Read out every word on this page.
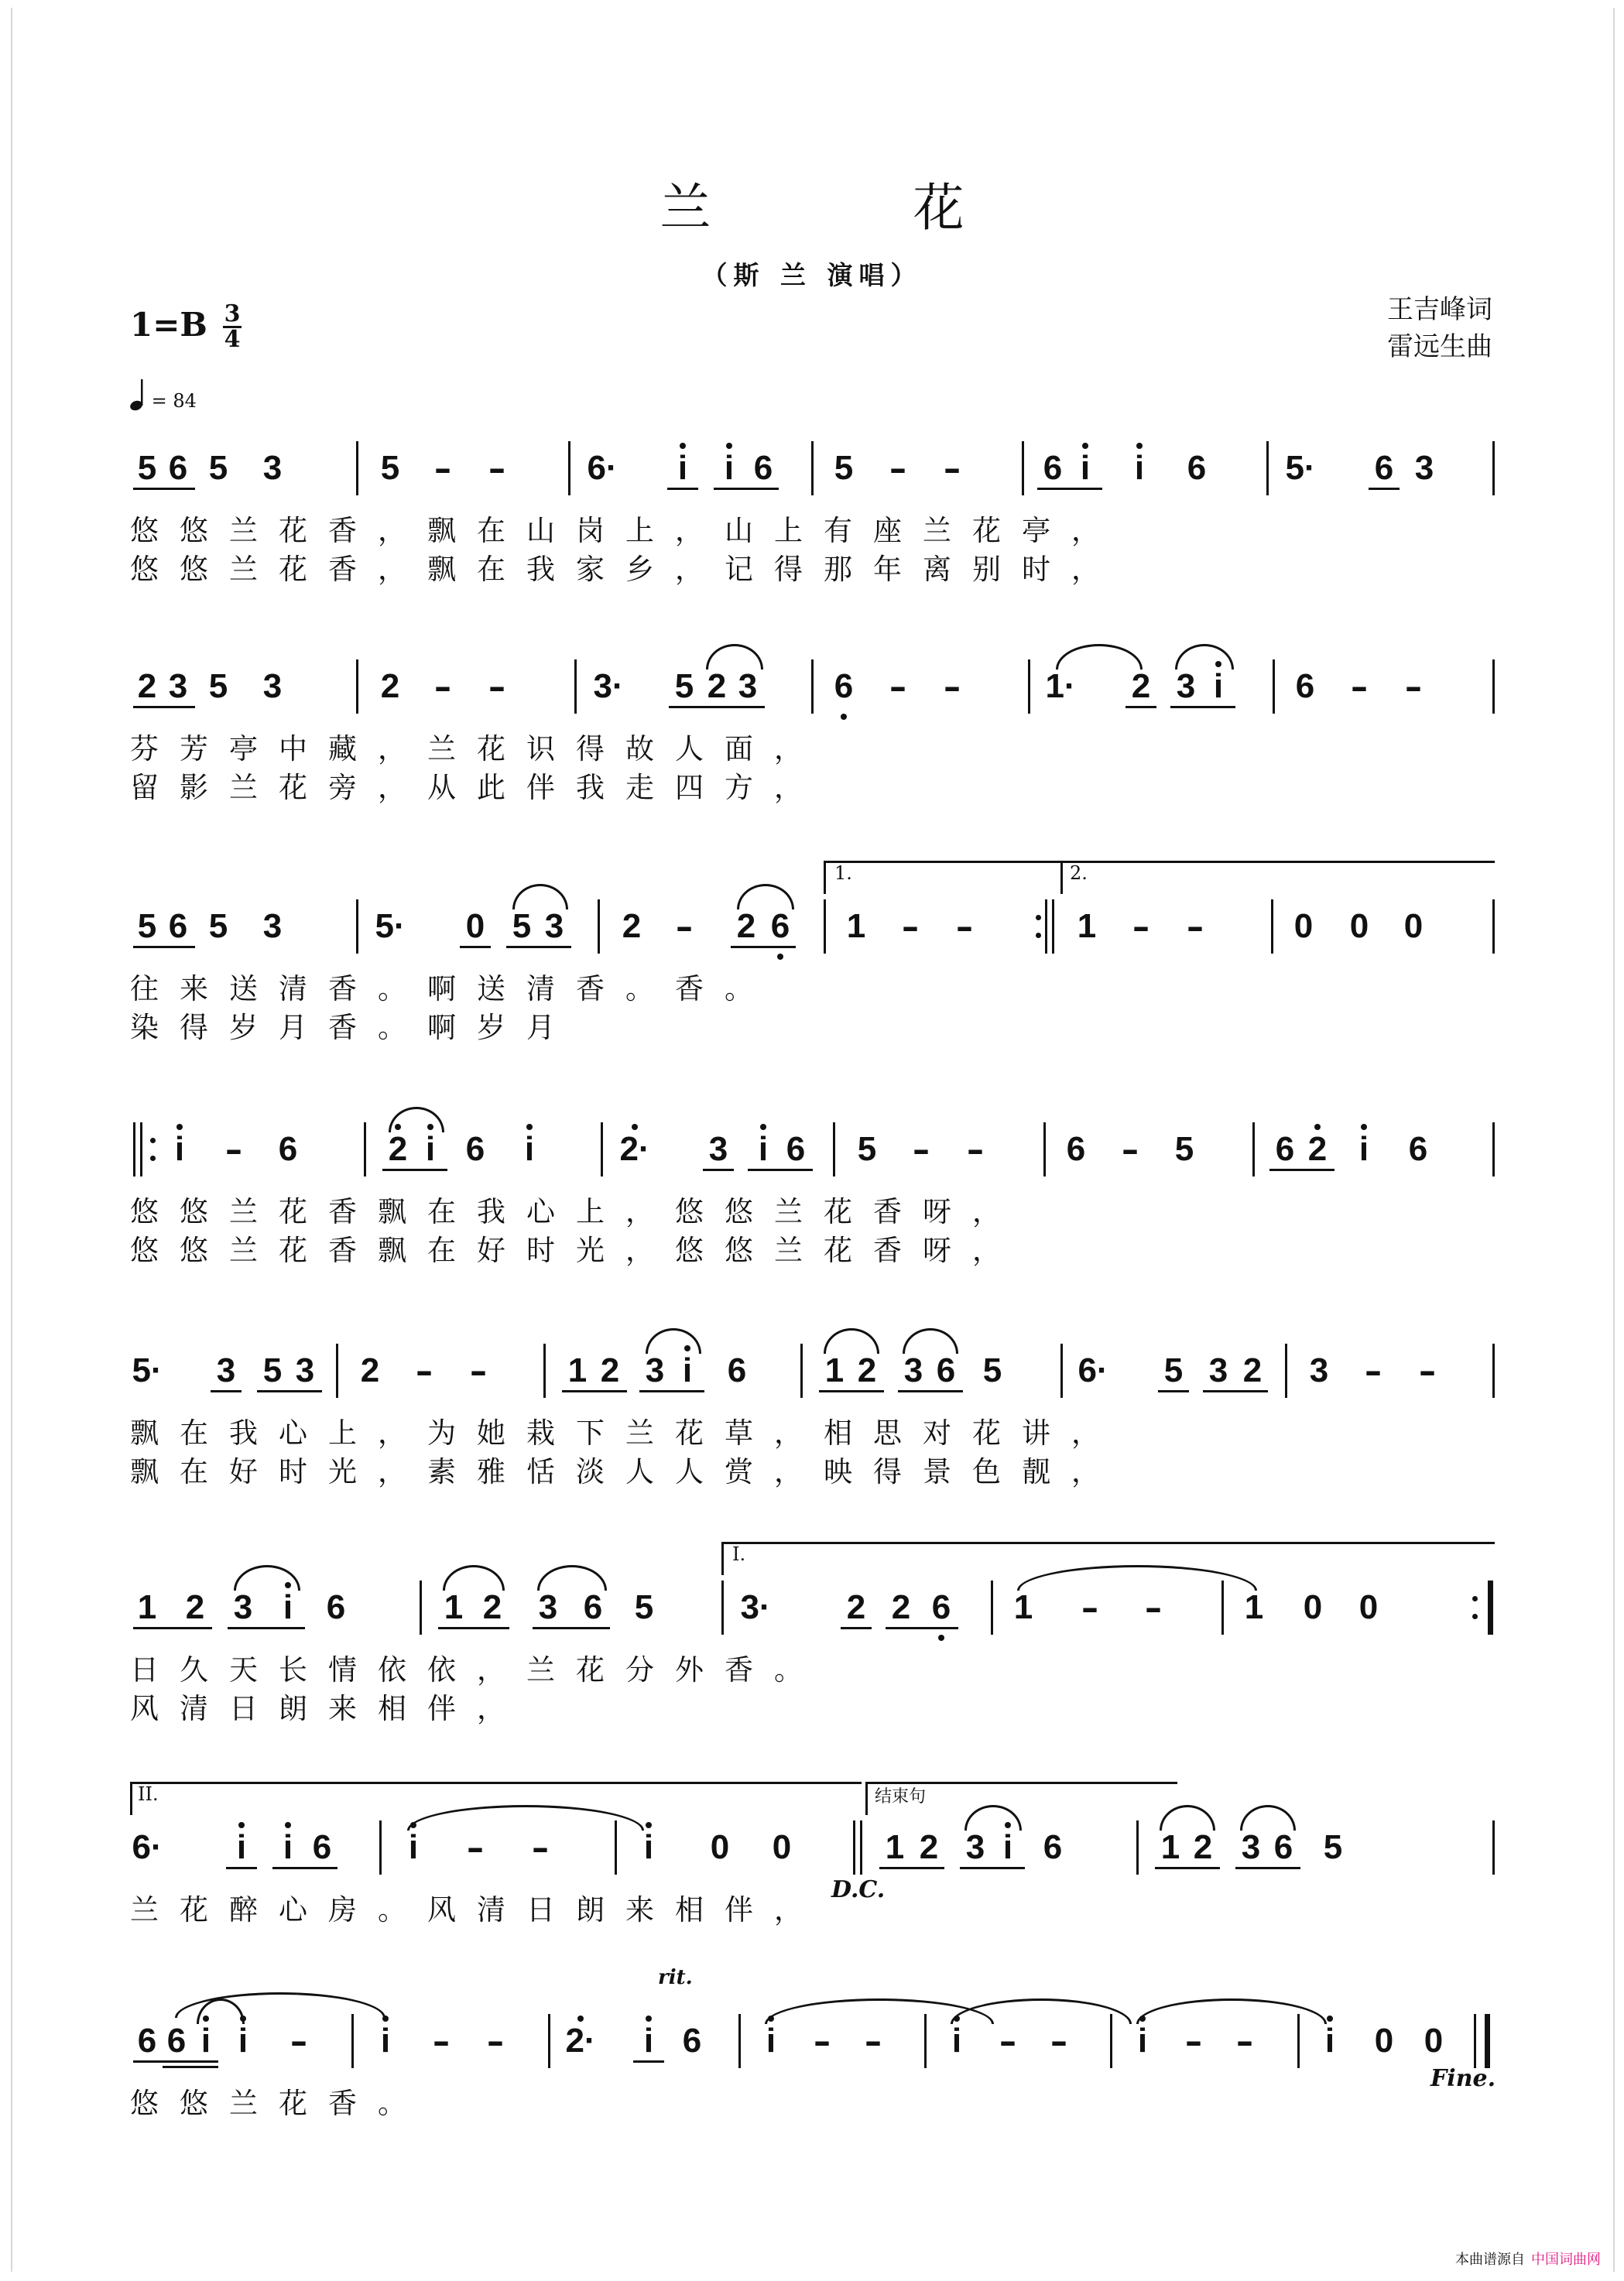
兰 花
（斯 兰 演唱）
王吉峰词
雷远生曲
1=B 3
4
= 84
5 6 5 3	5 – – 6·	i	i 6 5 – – 6 i	i	6 5· 6 3
悠 悠 兰 花 香 ， 飘 在 山 岗 上 ， 山 上 有 座 兰 花 亭 ，
悠 悠 兰 花 香 ， 飘 在 我 家 乡 ， 记 得 那 年 离 别 时 ，
2 3 5 3	2 – –	3· 5 2 3 6 – – 1· 2 3 i	6 – –
芬 芳 亭 中 藏 ， 兰 花 识 得 故 人 面 ，
留 影 兰 花 旁 ， 从 此 伴 我 走 四 方 ，
5 6 5 3	5· 0 5 3 2 – 2 6
1.
1 – –
2.
1 – –	0 0 0
往 来 送 清 香 。 啊 送 清 香 。 香 。
染 得 岁 月 香 。 啊 岁 月
i	– 6	2 i 6	i	2· 3 i 6 5 – – 6 – 5 6 2 i	6
悠 悠 兰 花 香 飘 在 我 心 上 ， 悠 悠 兰 花 香 呀 ，
悠 悠 兰 花 香 飘 在 好 时 光 ， 悠 悠 兰 花 香 呀 ，
5· 3 5 3 2 – – 1 2 3 i	6 1 2 3 6 5 6· 5 3 2 3 – –
飘 在 我 心 上 ， 为 她 栽 下 兰 花 草 ， 相 思 对 花 讲 ，
飘 在 好 时 光 ， 素 雅 恬 淡 人 人 赏 ， 映 得 景 色 靓 ，
1 2 3 i 6	1 2 3 6 5
I.
3· 2 2 6 1 – – 1 0 0
日 久 天 长 情 依 依 ， 兰 花 分 外 香 。
风 清 日 朗 来 相 伴 ，
II.
6·	i	i 6	i	– –	i	0 0
结束句
1 2 3 i 6	1 2 3 6 5
D.C.
兰 花 醉 心 房 。 风 清 日 朗 来 相 伴 ，
6 6 i i	–	i	– – 2·	i 6	i	– –	i	– –	i	– –	i	0 0
rit.
Fine.
悠 悠 兰 花 香 。
本曲谱源自 中国词曲网
